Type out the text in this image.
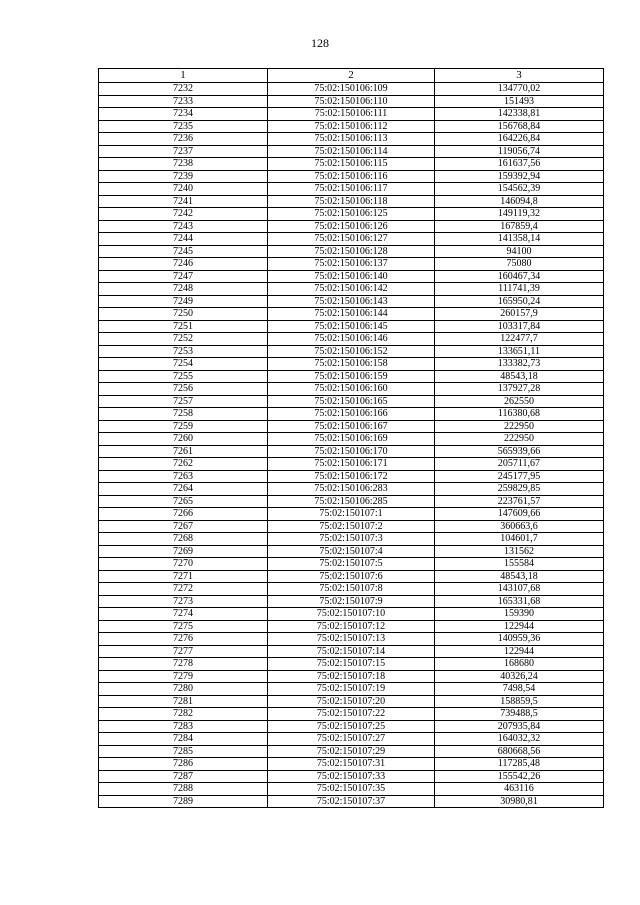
128
1	2	3
7232	75:02:150106:109	134770,02
7233	75:02:150106:110	151493
7234	75:02:150106:111	142338,81
7235	75:02:150106:112	156768,84
7236	75:02:150106:113	164226,84
7237	75:02:150106:114	119056,74
7238	75:02:150106:115	161637,56
7239	75:02:150106:116	159392,94
7240	75:02:150106:117	154562,39
7241	75:02:150106:118	146094,8
7242	75:02:150106:125	149119,32
7243	75:02:150106:126	167859,4
7244	75:02:150106:127	141358,14
7245	75:02:150106:128	94100
7246	75:02:150106:137	75080
7247	75:02:150106:140	160467,34
7248	75:02:150106:142	111741,39
7249	75:02:150106:143	165950,24
7250	75:02:150106:144	260157,9
7251	75:02:150106:145	103317,84
7252	75:02:150106:146	122477,7
7253	75:02:150106:152	133651,11
7254	75:02:150106:158	133382,73
7255	75:02:150106:159	48543,18
7256	75:02:150106:160	137927,28
7257	75:02:150106:165	262550
7258	75:02:150106:166	116380,68
7259	75:02:150106:167	222950
7260	75:02:150106:169	222950
7261	75:02:150106:170	565939,66
7262	75:02:150106:171	205711,67
7263	75:02:150106:172	245177,95
7264	75:02:150106:283	259829,85
7265	75:02:150106:285	223761,57
7266	75:02:150107:1	147609,66
7267	75:02:150107:2	360663,6
7268	75:02:150107:3	104601,7
7269	75:02:150107:4	131562
7270	75:02:150107:5	155584
7271	75:02:150107:6	48543,18
7272	75:02:150107:8	143107,68
7273	75:02:150107:9	165331,68
7274	75:02:150107:10	159390
7275	75:02:150107:12	122944
7276	75:02:150107:13	140959,36
7277	75:02:150107:14	122944
7278	75:02:150107:15	168680
7279	75:02:150107:18	40326,24
7280	75:02:150107:19	7498,54
7281	75:02:150107:20	158859,5
7282	75:02:150107:22	739488,5
7283	75:02:150107:25	207935,84
7284	75:02:150107:27	164032,32
7285	75:02:150107:29	680668,56
7286	75:02:150107:31	117285,48
7287	75:02:150107:33	155542,26
7288	75:02:150107:35	463116
7289	75:02:150107:37	30980,81
